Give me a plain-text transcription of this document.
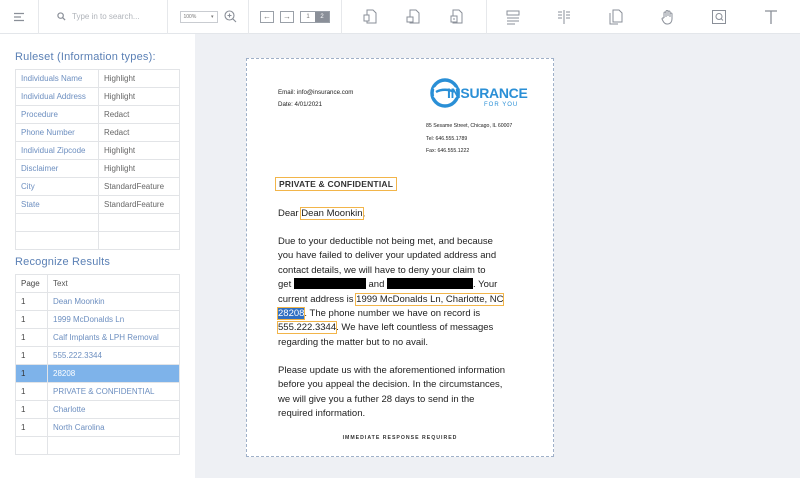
Type in to search...
100%	▾	← →	1	2
Ruleset (Information types):
Individuals Name	Highlight
Individual Address	Highlight
Procedure	Redact
Phone Number	Redact
Individual Zipcode	Highlight
Disclaimer	Highlight
City	StandardFeature
State	StandardFeature

Recognize Results
Page	Text
1	Dean Moonkin
1	1999 McDonalds Ln
1	Calf Implants & LPH Removal
1	555.222.3344
1	28208
1	PRIVATE & CONFIDENTIAL
1	Charlotte
1	North Carolina

Email: info@insurance.com
Date: 4/01/2021
INSURANCE
FOR YOU
85 Sesame Street, Chicago, IL 60007
Tel: 646.555.1789
Fax: 646.555.1222
PRIVATE & CONFIDENTIAL
Dear Dean Moonkin,
Due to your deductible not being met, and because
you have failed to deliver your updated address and
contact details, we will have to deny your claim to
get	and	. Your
current address is 1999 McDonalds Ln, Charlotte, NC
28208. The phone number we have on record is
555.222.3344. We have left countless of messages
regarding the matter but to no avail.
Please update us with the aforementioned information
before you appeal the decision. In the circumstances,
we will give you a futher 28 days to send in the
required information.
IMMEDIATE RESPONSE REQUIRED
